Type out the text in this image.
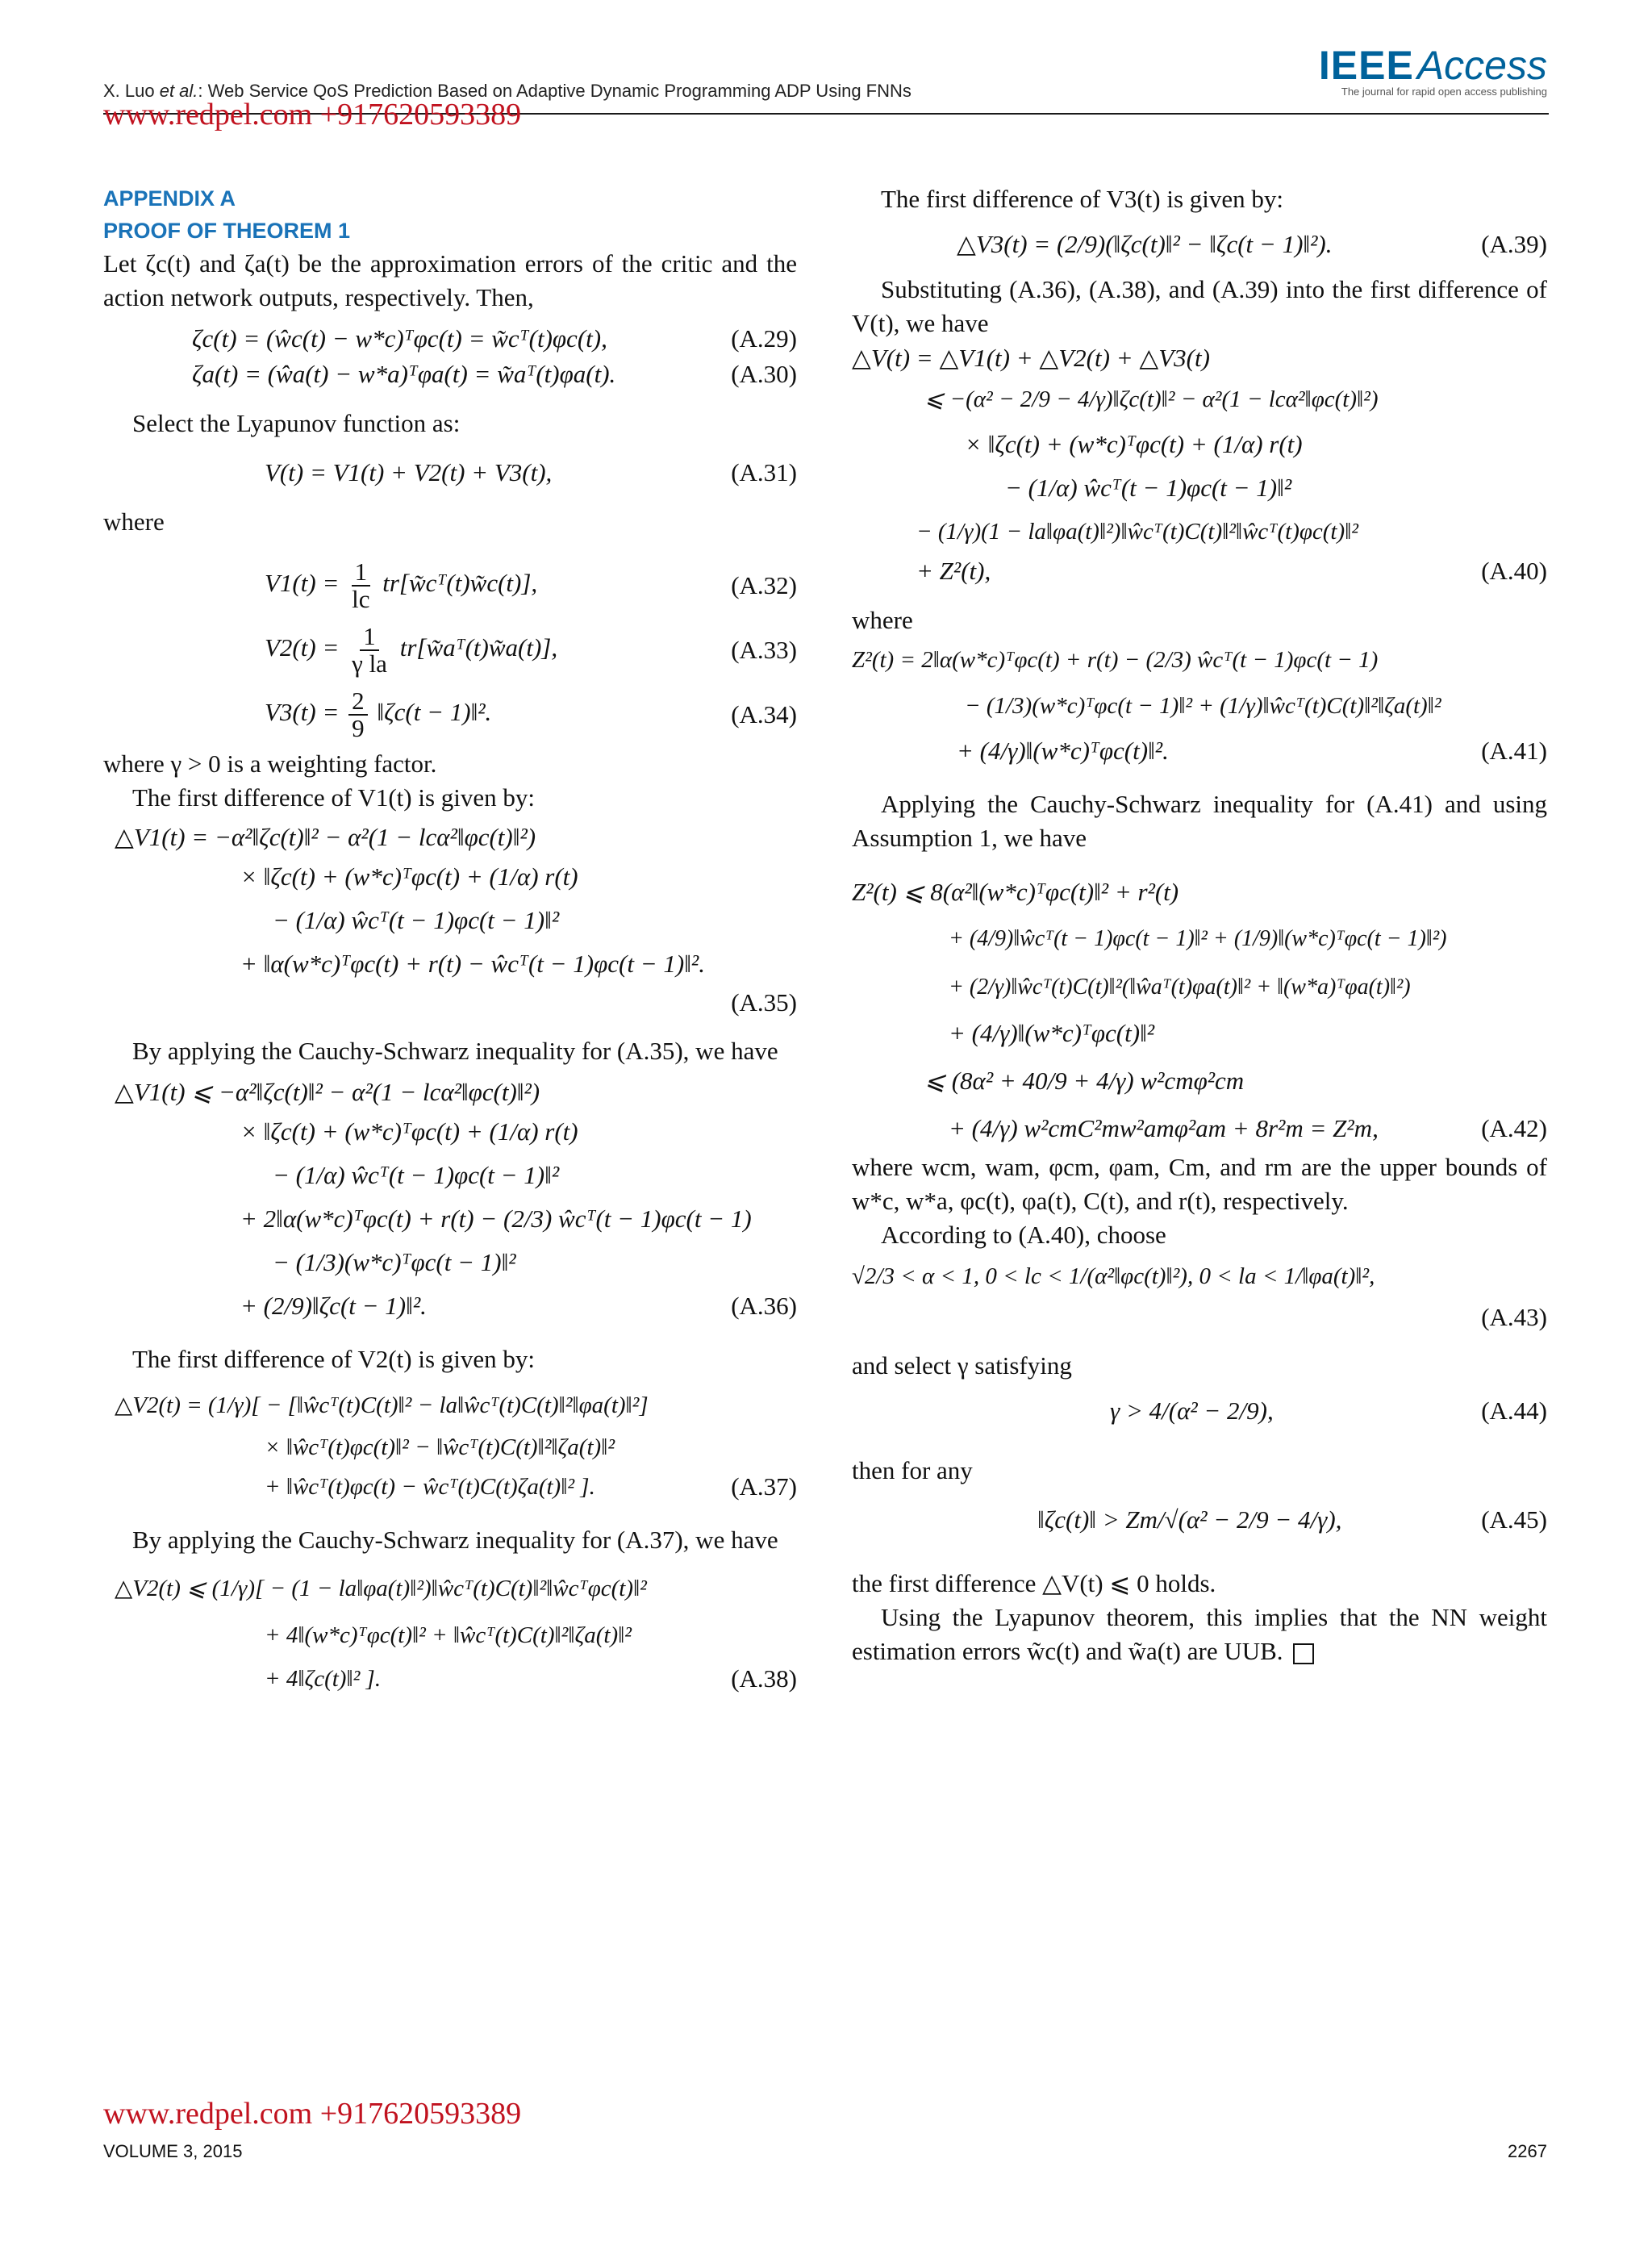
X. Luo et al.: Web Service QoS Prediction Based on Adaptive Dynamic Programming ADP Using FNNs
IEEE Access
The journal for rapid open access publishing
www.redpel.com +917620593389
APPENDIX A
PROOF OF THEOREM 1

Let ζc(t) and ζa(t) be the approximation errors of the critic and the action network outputs, respectively. Then,

ζc(t) = (ŵc(t) − w*c)ᵀφc(t) = w̃cᵀ(t)φc(t),	(A.29)
ζa(t) = (ŵa(t) − w*a)ᵀφa(t) = w̃aᵀ(t)φa(t).	(A.30)

Select the Lyapunov function as:

V(t) = V1(t) + V2(t) + V3(t),	(A.31)

where

$V1(t) = \frac{1}{lc}$ tr[w̃cᵀ(t)w̃c(t)],	(A.32)
$V2(t) = \frac{1}{\text{γ la}}$ tr[w̃aᵀ(t)w̃a(t)],	(A.33)
$V3(t) = \frac{2}{9}$ ‖ζc(t − 1)‖².	(A.34)

where γ > 0 is a weighting factor.

The first difference of V1(t) is given by:

△V1(t) = −α²‖ζc(t)‖² − α²(1 − lcα²‖φc(t)‖²)
× ‖ζc(t) + (w*c)ᵀφc(t) + (1/α) r(t)
− (1/α) ŵcᵀ(t − 1)φc(t − 1)‖²
+ ‖α(w*c)ᵀφc(t) + r(t) − ŵcᵀ(t − 1)φc(t − 1)‖².
(A.35)

By applying the Cauchy-Schwarz inequality for (A.35), we have

△V1(t) ⩽ −α²‖ζc(t)‖² − α²(1 − lcα²‖φc(t)‖²)
× ‖ζc(t) + (w*c)ᵀφc(t) + (1/α) r(t)
− (1/α) ŵcᵀ(t − 1)φc(t − 1)‖²
+ 2‖α(w*c)ᵀφc(t) + r(t) − (2/3) ŵcᵀ(t − 1)φc(t − 1)
− (1/3)(w*c)ᵀφc(t − 1)‖²
+ (2/9)‖ζc(t − 1)‖².	(A.36)

The first difference of V2(t) is given by:

△V2(t) = (1/γ)[ − [‖ŵcᵀ(t)C(t)‖² − la‖ŵcᵀ(t)C(t)‖²‖φa(t)‖²]
× ‖ŵcᵀ(t)φc(t)‖² − ‖ŵcᵀ(t)C(t)‖²‖ζa(t)‖²
+ ‖ŵcᵀ(t)φc(t) − ŵcᵀ(t)C(t)ζa(t)‖² ].	(A.37)

By applying the Cauchy-Schwarz inequality for (A.37), we have

△V2(t) ⩽ (1/γ)[ − (1 − la‖φa(t)‖²)‖ŵcᵀ(t)C(t)‖²‖ŵcᵀφc(t)‖²
+ 4‖(w*c)ᵀφc(t)‖² + ‖ŵcᵀ(t)C(t)‖²‖ζa(t)‖²
+ 4‖ζc(t)‖² ].	(A.38)

The first difference of V3(t) is given by:

△V3(t) = (2/9)(‖ζc(t)‖² − ‖ζc(t − 1)‖²).	(A.39)

Substituting (A.36), (A.38), and (A.39) into the first difference of V(t), we have

△V(t) = △V1(t) + △V2(t) + △V3(t)
⩽ −(α² − 2/9 − 4/γ)‖ζc(t)‖² − α²(1 − lcα²‖φc(t)‖²)
× ‖ζc(t) + (w*c)ᵀφc(t) + (1/α) r(t)
− (1/α) ŵcᵀ(t − 1)φc(t − 1)‖²
− (1/γ)(1 − la‖φa(t)‖²)‖ŵcᵀ(t)C(t)‖²‖ŵcᵀ(t)φc(t)‖²
+ Z²(t),	(A.40)

where

Z²(t) = 2‖α(w*c)ᵀφc(t) + r(t) − (2/3) ŵcᵀ(t − 1)φc(t − 1)
− (1/3)(w*c)ᵀφc(t − 1)‖² + (1/γ)‖ŵcᵀ(t)C(t)‖²‖ζa(t)‖²
+ (4/γ)‖(w*c)ᵀφc(t)‖².	(A.41)

Applying the Cauchy-Schwarz inequality for (A.41) and using Assumption 1, we have

Z²(t) ⩽ 8(α²‖(w*c)ᵀφc(t)‖² + r²(t)
+ (4/9)‖ŵcᵀ(t − 1)φc(t − 1)‖² + (1/9)‖(w*c)ᵀφc(t − 1)‖²)
+ (2/γ)‖ŵcᵀ(t)C(t)‖²(‖ŵaᵀ(t)φa(t)‖² + ‖(w*a)ᵀφa(t)‖²)
+ (4/γ)‖(w*c)ᵀφc(t)‖²
⩽ (8α² + 40/9 + 4/γ) w²cmφ²cm
+ (4/γ) w²cmC²mw²amφ²am + 8r²m = Z²m,	(A.42)

where wcm, wam, φcm, φam, Cm, and rm are the upper bounds of w*c, w*a, φc(t), φa(t), C(t), and r(t), respectively.

According to (A.40), choose

√2/3 < α < 1, 0 < lc < 1/(α²‖φc(t)‖²), 0 < la < 1/‖φa(t)‖²,
(A.43)

and select γ satisfying

γ > 4/(α² − 2/9),	(A.44)

then for any

‖ζc(t)‖ > Zm/√(α² − 2/9 − 4/γ),	(A.45)

the first difference △V(t) ⩽ 0 holds.

Using the Lyapunov theorem, this implies that the NN weight estimation errors w̃c(t) and w̃a(t) are UUB.

www.redpel.com +917620593389
VOLUME 3, 2015	2267
